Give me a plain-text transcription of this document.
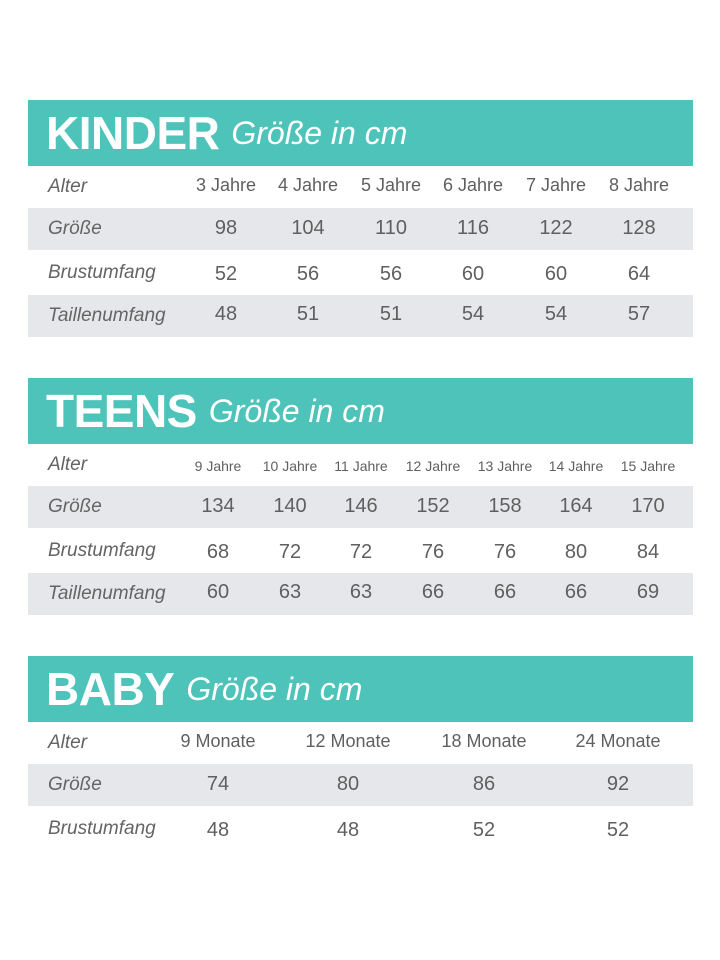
KINDER Größe in cm
Alter	3 Jahre 4 Jahre 5 Jahre 6 Jahre 7 Jahre 8 Jahre
Größe	98	104	110	116	122 128
Brustumfang	52	56	56	60	60	64
Taillenumfang 48	51	51	54	54	57
TEENS Größe in cm
Alter	9 Jahre 10 Jahre 11 Jahre 12 Jahre 13 Jahre 14 Jahre 15 Jahre
Größe	134 140 146 152 158 164 170
Brustumfang	68 72 72 76 76 80 84
Taillenumfang 60 63 63 66 66 66 69
BABY Größe in cm
Alter	9 Monate	12 Monate	18 Monate	24 Monate
Größe	74	80	86	92
Brustumfang	48	48	52	52
